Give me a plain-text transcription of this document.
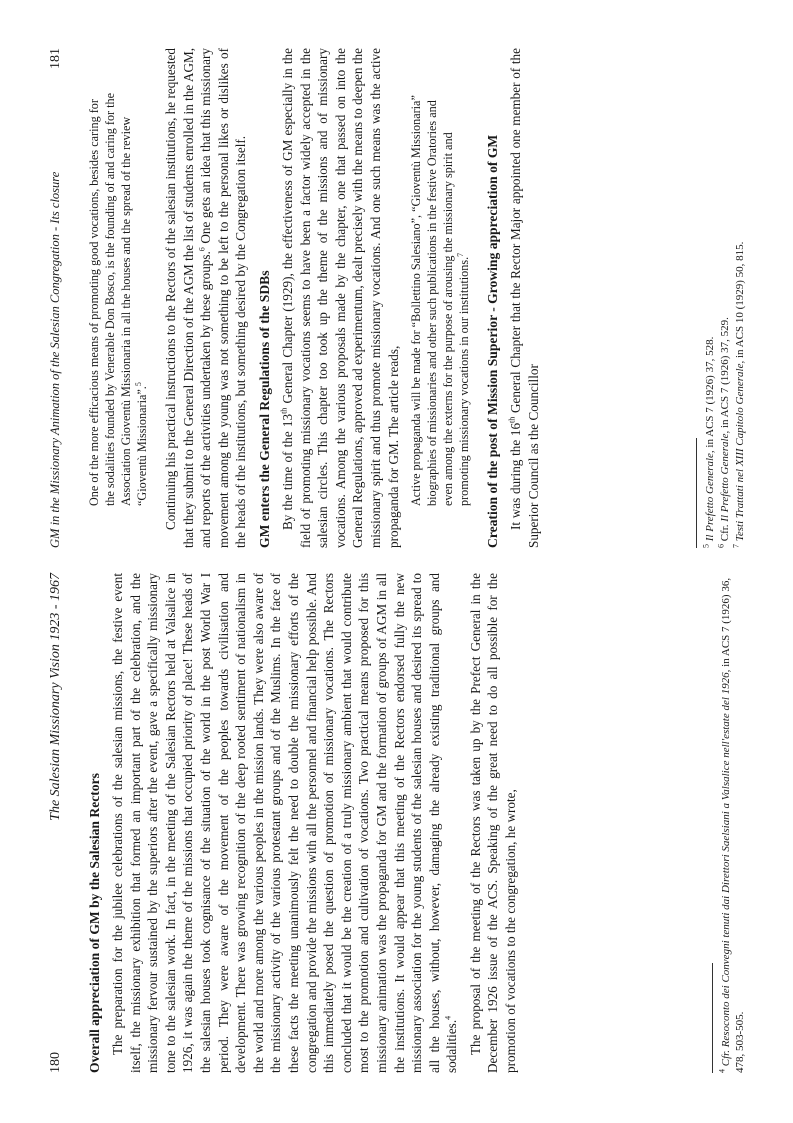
180
The Salesian Missionary Vision 1923 - 1967
Overall appreciation of GM by the Salesian Rectors The preparation for the jubilee celebrations of the salesian missions, the festive event itself, the missionary exhibition that formed an important part of the celebration, and the missionary fervour sustained by the superiors after the event, gave a specifically missionary tone to the salesian work. In fact, in the meeting of the Salesian Rectors held at Valsalice in 1926, it was again the theme of the missions that occupied priority of place! These heads of the salesian houses took cognisance of the situation of the world in the post World War I period. They were aware of the movement of the peoples towards civilisation and development. There was growing recognition of the deep rooted sentiment of nationalism in the world and more among the various peoples in the mission lands. They were also aware of the missionary activity of the various protestant groups and of the Muslims. In the face of these facts the meeting unanimously felt the need to double the missionary efforts of the congregation and provide the missions with all the personnel and financial help possible. And this immediately posed the question of promotion of missionary vocations. The Rectors concluded that it would be the creation of a truly missionary ambient that would contribute most to the promotion and cultivation of vocations. Two practical means proposed for this missionary animation was the propaganda for GM and the formation of groups of AGM in all the institutions. It would appear that this meeting of the Rectors endorsed fully the new missionary association for the young students of the salesian houses and desired its spread to all the houses, without, however, damaging the already existing traditional groups and sodalities.$^4$	The proposal of the meeting of the Rectors was taken up by the Prefect General in the December 1926 issue of the ACS. Speaking of the great need to do all possible for the promotion of vocations to the congregation, he wrote,	$^4$ Cfr. Resoconto dei Convegni tenuti dai Direttori Saelsiani a Valsalice nell'estate del 1926, in ACS 7 (1926) 36, 478, 503-505.
GM in the Missionary Animation of the Salesian Congregation - Its closure
181
One of the more efficacious means of promoting good vocations, besides caring for the sodalities founded by Venerable Don Bosco, is the founding of and caring for the Association Gioventù Missionaria in all the houses and the spread of the review “Gioventù Missionaria”.$^5$	Continuing his practical instructions to the Rectors of the salesian institutions, he requested that they submit to the General Direction of the AGM the list of students enrolled in the AGM, and reports of the activities undertaken by these groups.$^6$ One gets an idea that this missionary movement among the young was not something to be left to the personal likes or dislikes of the heads of the institutions, but something desired by the Congregation itself. GM enters the General Regulations of the SDBs By the time of the 13th General Chapter (1929), the effectiveness of GM especially in the field of promoting missionary vocations seems to have been a factor widely accepted in the salesian circles. This chapter too took up the theme of the missions and of missionary vocations. Among the various proposals made by the chapter, one that passed on into the General Regulations, approved ad experimentum, dealt precisely with the means to deepen the missionary spirit and thus promote missionary vocations. And one such means was the active propaganda for GM. The article reads, Active propaganda will be made for “Bollettino Salesiano”, “Gioventù Missionaria” biographies of missionaries and other such publications in the festive Oratories and even among the externs for the purpose of arousing the missionary spirit and promoting missionary vocations in our institutions.$^7$	Creation of the post of Mission Superior - Growing appreciation of GM It was during the 16th General Chapter that the Rector Major appointed one member of the Superior Council as the Councillor	$^5$ Il Prefetto Generale, in ACS 7 (1926) 37, 528.
$^6$ Cfr. Il Prefetto Generale, in ACS 7 (1926) 37, 529.
$^7$ Testi Trattati nel XIII Capitolo Generale, in ACS 10 (1929) 50, 815.
